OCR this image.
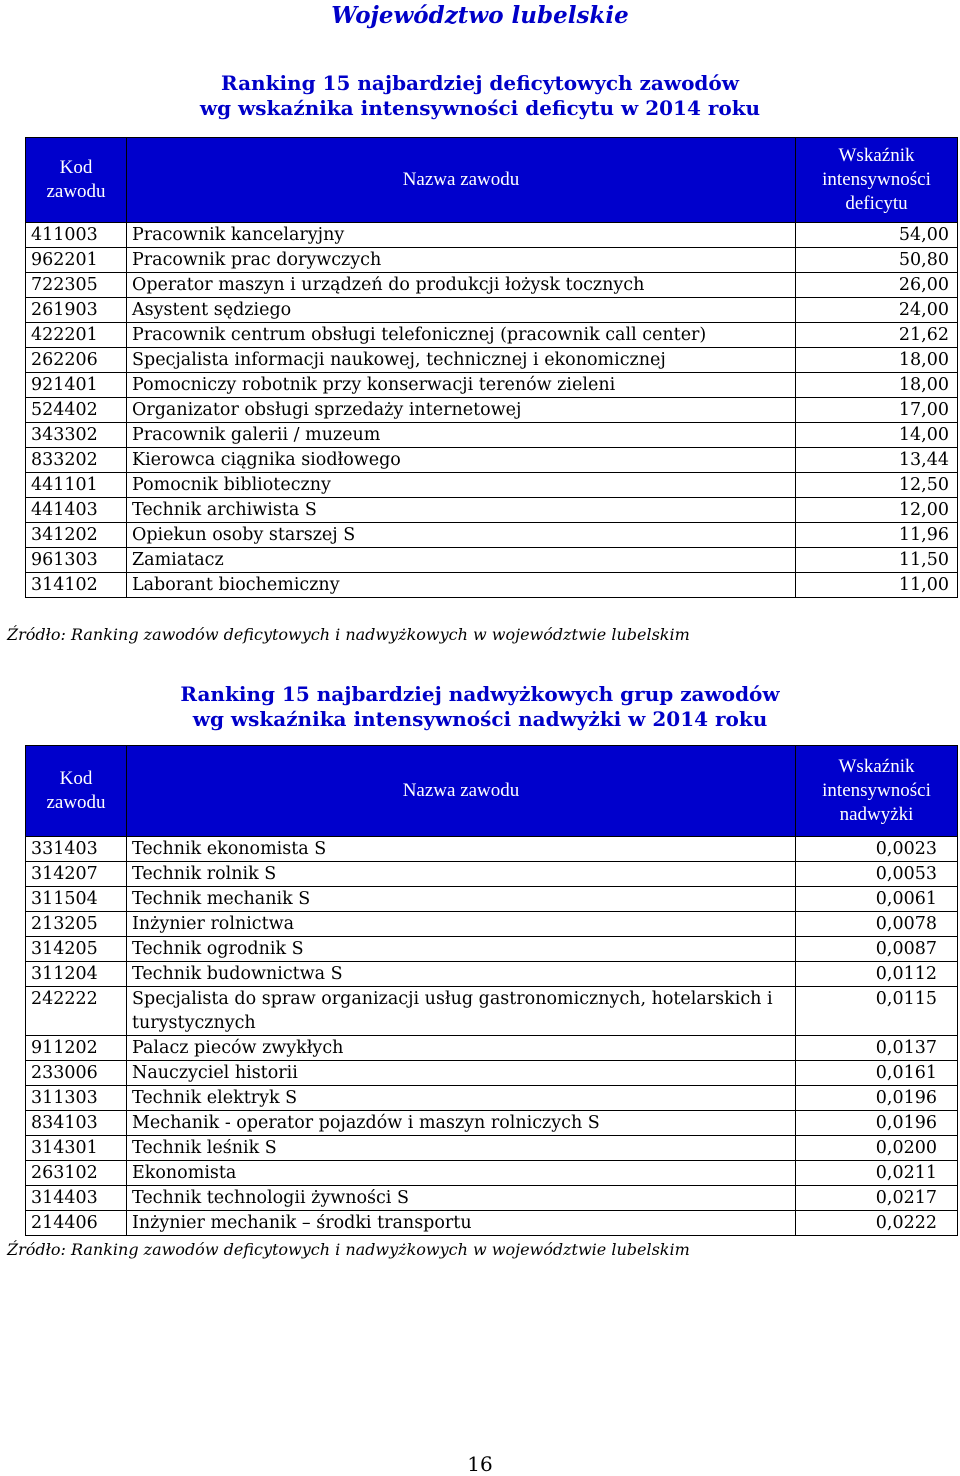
Województwo lubelskie
Ranking 15 najbardziej deficytowych zawodów
wg wskaźnika intensywności deficytu w 2014 roku
Kod zawodu	Nazwa zawodu	Wskaźnik intensywności deficytu
411003	Pracownik kancelaryjny	54,00
962201	Pracownik prac dorywczych	50,80
722305	Operator maszyn i urządzeń do produkcji łożysk tocznych	26,00
261903	Asystent sędziego	24,00
422201	Pracownik centrum obsługi telefonicznej (pracownik call center)	21,62
262206	Specjalista informacji naukowej, technicznej i ekonomicznej	18,00
921401	Pomocniczy robotnik przy konserwacji terenów zieleni	18,00
524402	Organizator obsługi sprzedaży internetowej	17,00
343302	Pracownik galerii / muzeum	14,00
833202	Kierowca ciągnika siodłowego	13,44
441101	Pomocnik biblioteczny	12,50
441403	Technik archiwista S	12,00
341202	Opiekun osoby starszej S	11,96
961303	Zamiatacz	11,50
314102	Laborant biochemiczny	11,00
Źródło: Ranking zawodów deficytowych i nadwyżkowych w województwie lubelskim
Ranking 15 najbardziej nadwyżkowych grup zawodów
wg wskaźnika intensywności nadwyżki w 2014 roku
Kod zawodu	Nazwa zawodu	Wskaźnik intensywności nadwyżki
331403	Technik ekonomista S	0,0023
314207	Technik rolnik S	0,0053
311504	Technik mechanik S	0,0061
213205	Inżynier rolnictwa	0,0078
314205	Technik ogrodnik S	0,0087
311204	Technik budownictwa S	0,0112
242222	Specjalista do spraw organizacji usług gastronomicznych, hotelarskich i turystycznych	0,0115
911202	Palacz pieców zwykłych	0,0137
233006	Nauczyciel historii	0,0161
311303	Technik elektryk S	0,0196
834103	Mechanik - operator pojazdów i maszyn rolniczych S	0,0196
314301	Technik leśnik S	0,0200
263102	Ekonomista	0,0211
314403	Technik technologii żywności S	0,0217
214406	Inżynier mechanik – środki transportu	0,0222
Źródło: Ranking zawodów deficytowych i nadwyżkowych w województwie lubelskim
16
